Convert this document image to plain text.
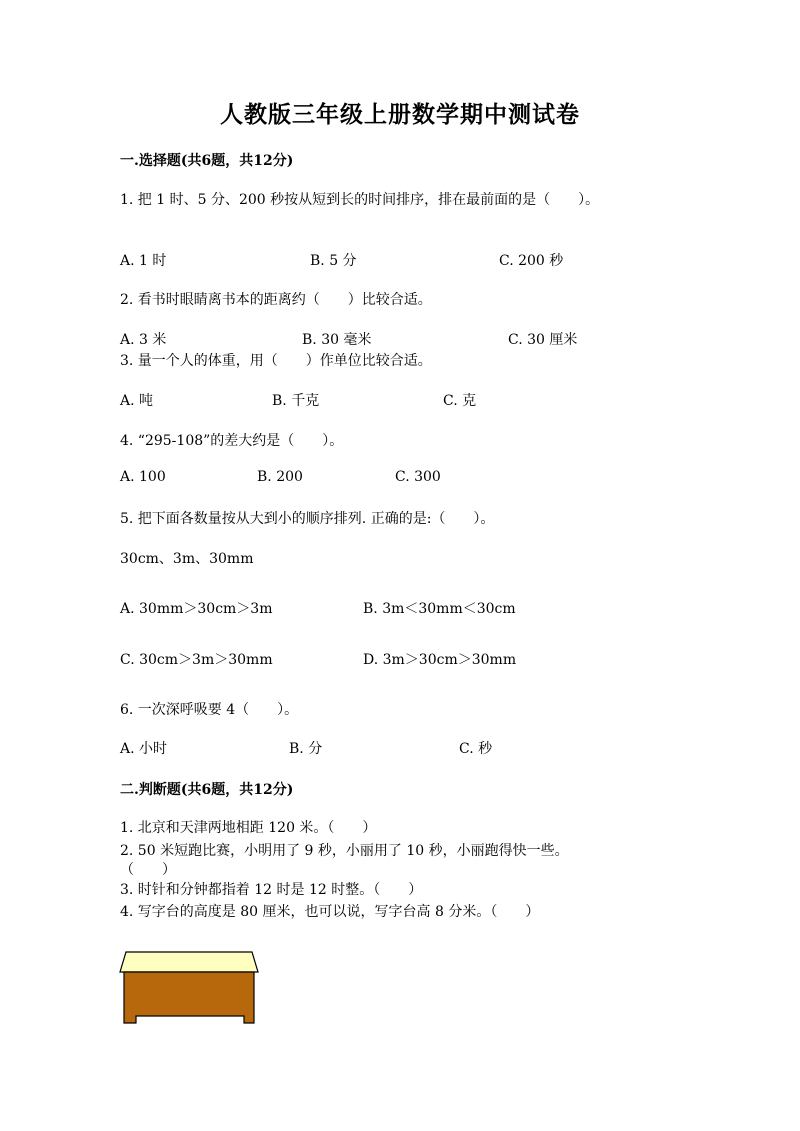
人教版三年级上册数学期中测试卷
一.选择题(共6题，共12分)
1. 把 1 时、5 分、200 秒按从短到长的时间排序，排在最前面的是（　　）。
A. 1 时	B. 5 分	C. 200 秒
2. 看书时眼睛离书本的距离约（　　）比较合适。
A. 3 米	B. 30 毫米	C. 30 厘米
3. 量一个人的体重，用（　　）作单位比较合适。
A. 吨	B. 千克	C. 克
4. “295-108”的差大约是（　　）。
A. 100	B. 200	C. 300
5. 把下面各数量按从大到小的顺序排列. 正确的是:（　　）。
30cm、3m、30mm
A. 30mm＞30cm＞3m	B. 3m＜30mm＜30cm
C. 30cm＞3m＞30mm	D. 3m＞30cm＞30mm
6. 一次深呼吸要 4（　　）。
A. 小时	B. 分	C. 秒
二.判断题(共6题，共12分)
1. 北京和天津两地相距 120 米。（　　）
2. 50 米短跑比赛，小明用了 9 秒，小丽用了 10 秒，小丽跑得快一些。
（　　）
3. 时针和分钟都指着 12 时是 12 时整。（　　）
4. 写字台的高度是 80 厘米，也可以说，写字台高 8 分米。（　　）
